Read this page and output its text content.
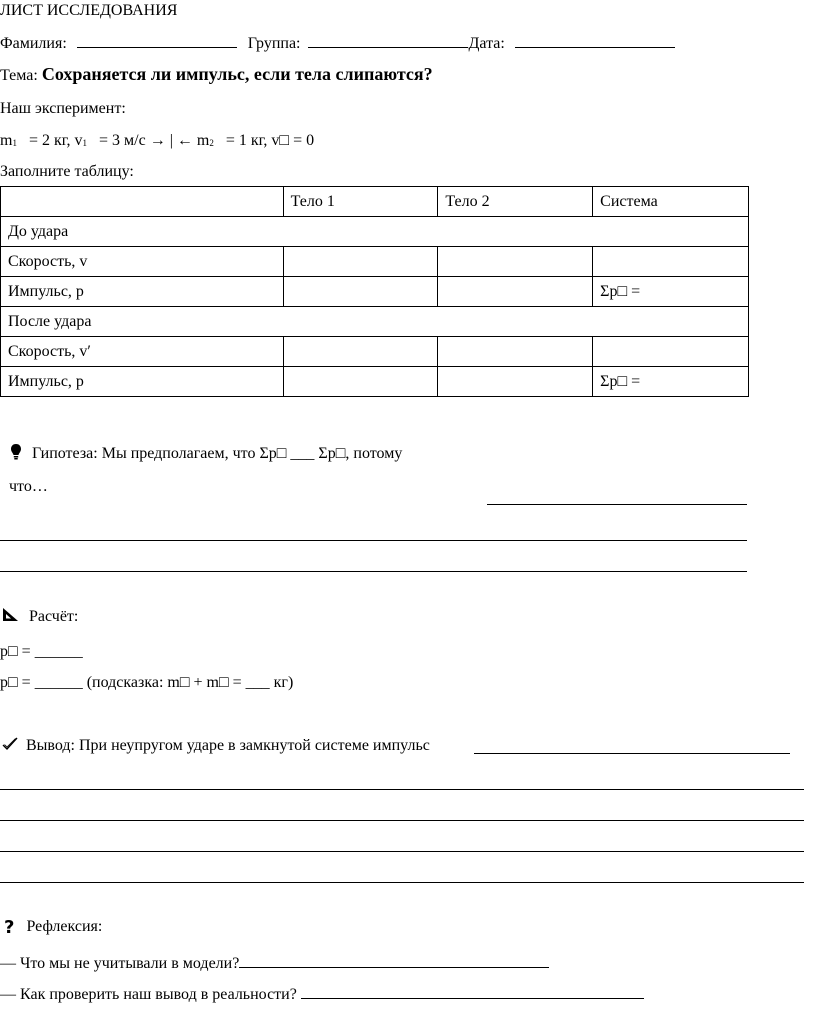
ЛИСТ ИССЛЕДОВАНИЯ
Фамилия:	Группа:	Дата:
Тема: Сохраняется ли импульс, если тела слипаются?
Наш эксперимент:
m1 = 2 кг, v1 = 3 м/с → | ← m2 = 1 кг, v□ = 0
Заполните таблицу:
	Тело 1	Тело 2	Система
До удара			
Скорость, v			
Импульс, p			Σp□ =
После удара			
Скорость, v′			
Импульс, p			Σp□ =
Гипотеза: Мы предполагаем, что Σp□ ___ Σp□, потому
что…
Расчёт:
p□ = ______
p□ = ______ (подсказка: m□ + m□ = ___ кг)
Вывод: При неупругом ударе в замкнутой системе импульс
? Рефлексия:
— Что мы не учитывали в модели?
— Как проверить наш вывод в реальности?
